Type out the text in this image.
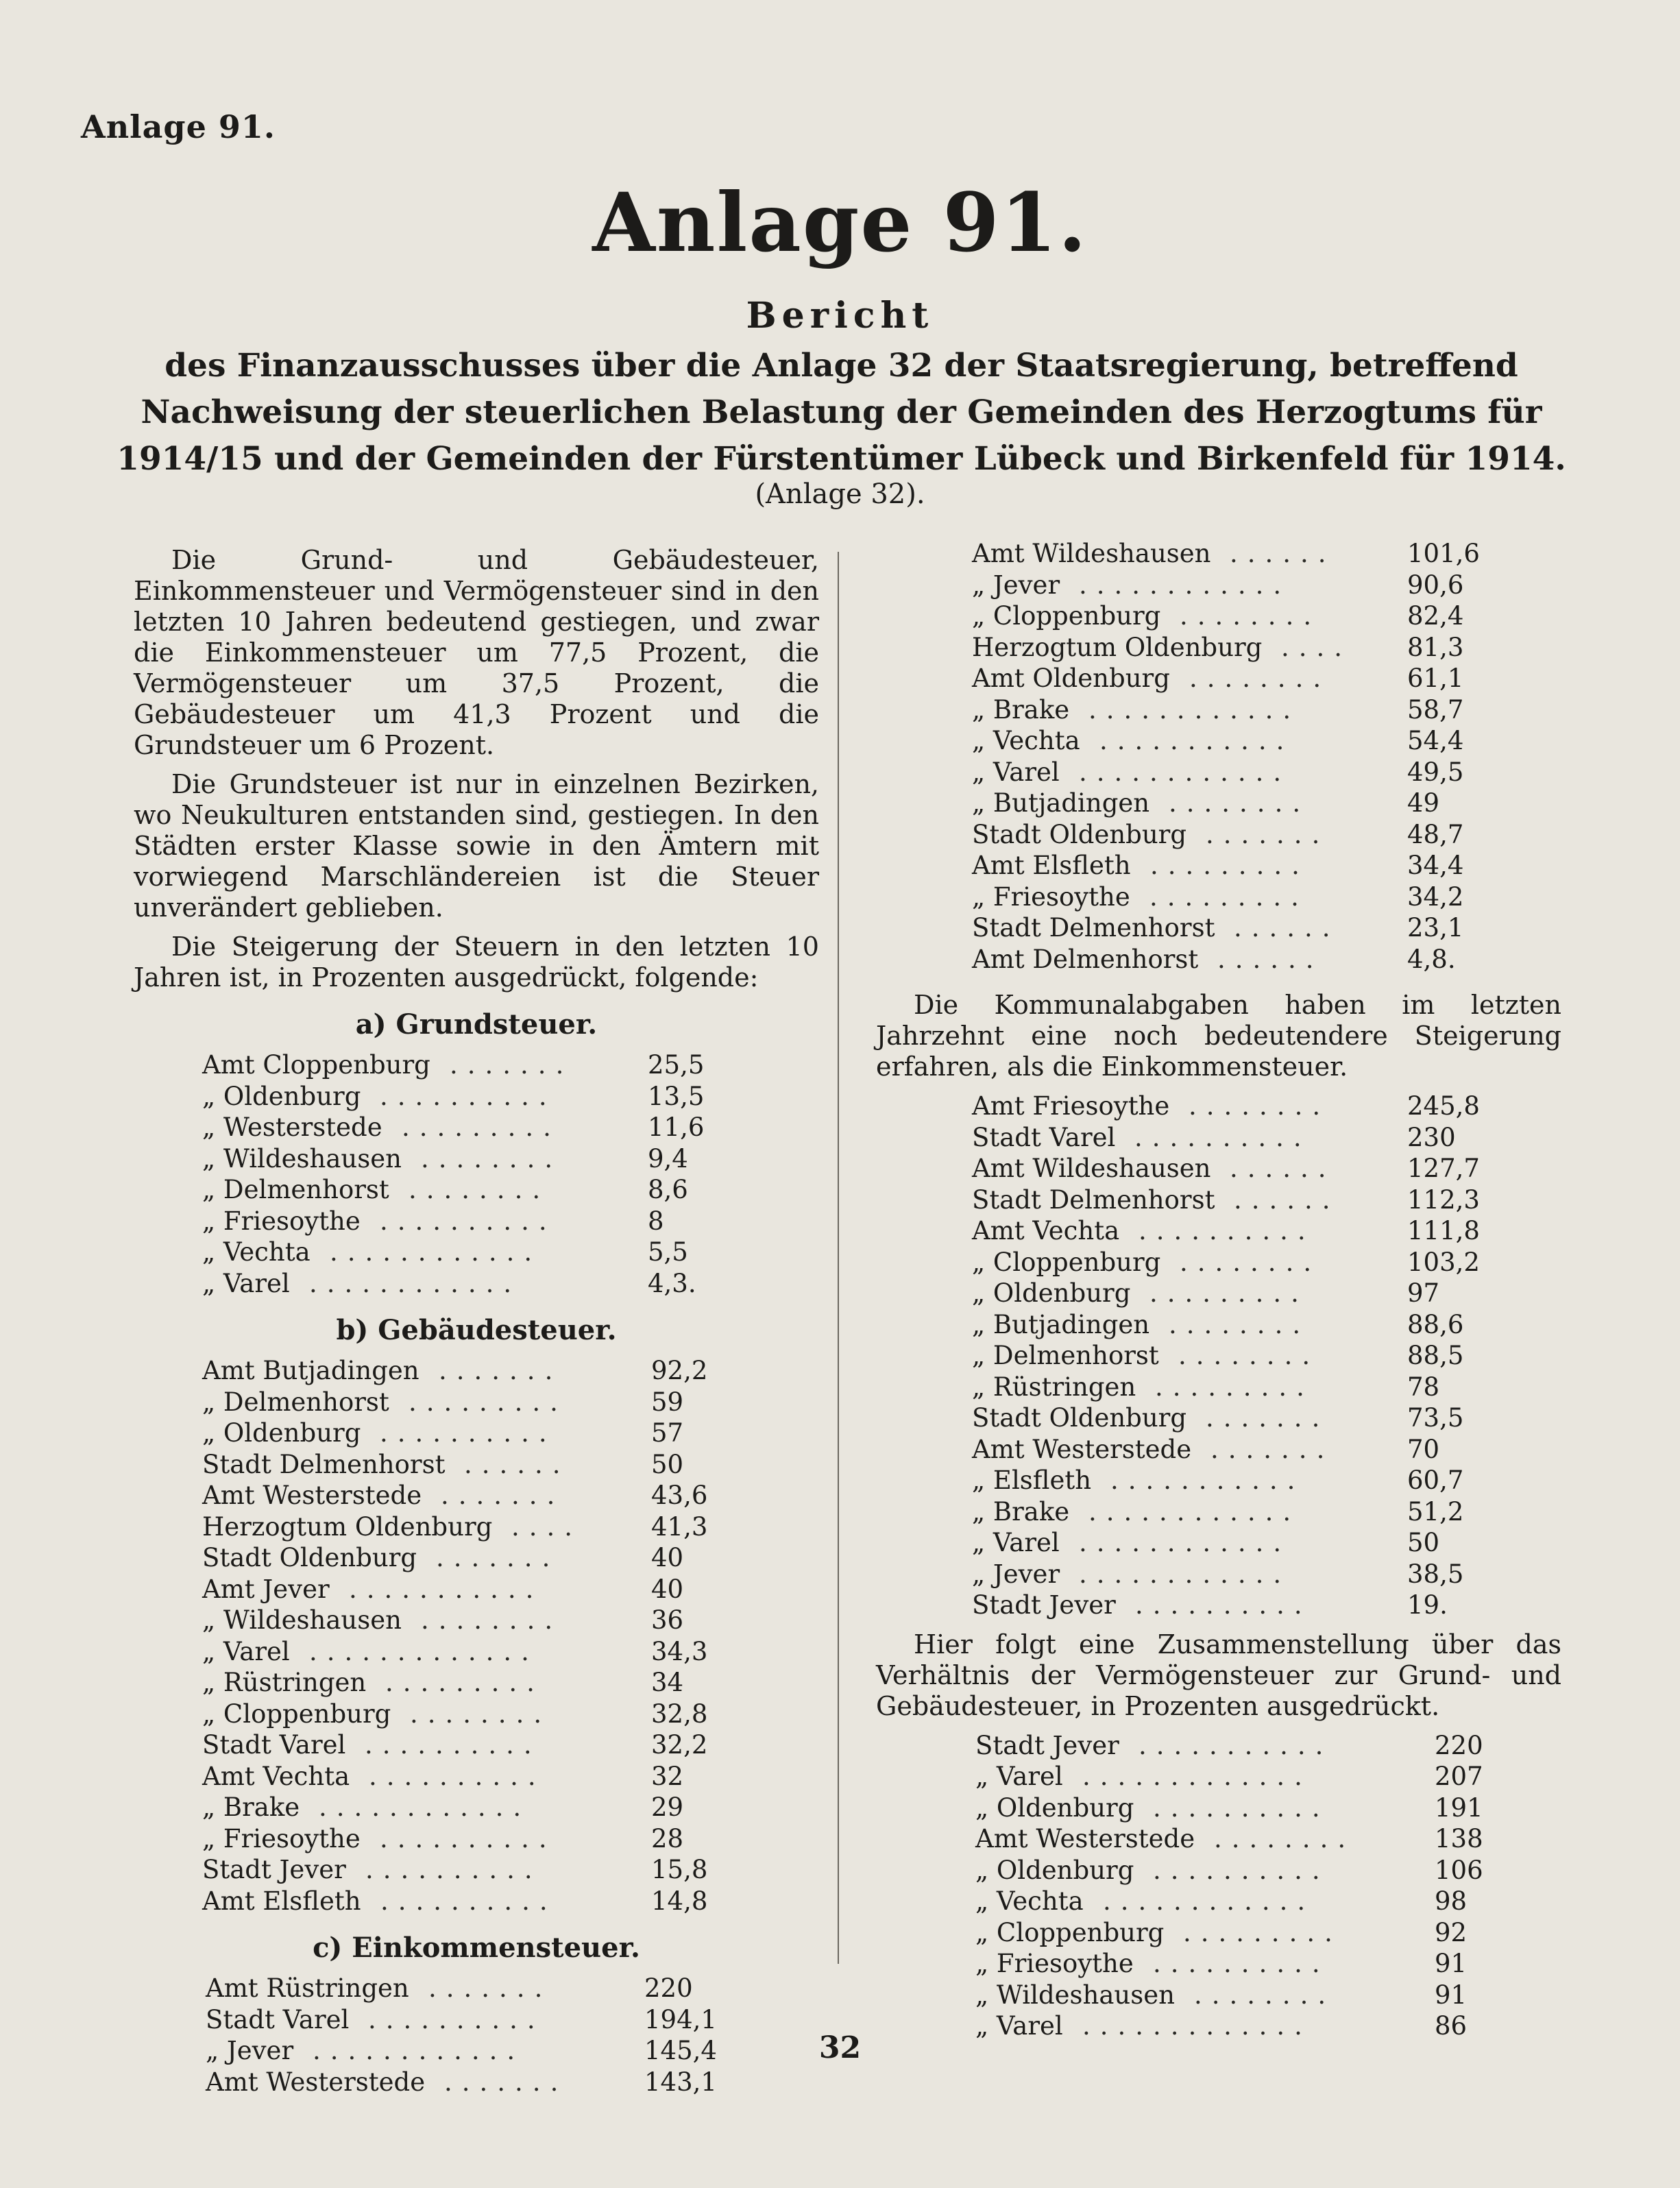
Anlage 91.
Anlage 91.
Bericht
des Finanzausschusses über die Anlage 32 der Staatsregierung, betreffend Nachweisung der steuerlichen Belastung der Gemeinden des Herzogtums für 1914/15 und der Gemeinden der Fürstentümer Lübeck und Birkenfeld für 1914.
(Anlage 32).

Die Grund- und Gebäudesteuer, Einkommensteuer und Vermögensteuer sind in den letzten 10 Jahren bedeutend gestiegen, und zwar die Einkommensteuer um 77,5 Prozent, die Vermögensteuer um 37,5 Prozent, die Gebäudesteuer um 41,3 Prozent und die Grundsteuer um 6 Prozent.

Die Grundsteuer ist nur in einzelnen Bezirken, wo Neukulturen entstanden sind, gestiegen. In den Städten erster Klasse sowie in den Ämtern mit vorwiegend Marschländereien ist die Steuer unverändert geblieben.

Die Steigerung der Steuern in den letzten 10 Jahren ist, in Prozenten ausgedrückt, folgende:

a) Grundsteuer.
Amt Cloppenburg	25,5
.......
„ Oldenburg	13,5
..........
„ Westerstede	11,6
.........
„ Wildeshausen	9,4
........
„ Delmenhorst	8,6
........
„ Friesoythe	8
..........
„ Vechta	5,5
............
„ Varel	4,3.
............
b) Gebäudesteuer.
Amt Butjadingen	92,2
.......
„ Delmenhorst	59
.........
„ Oldenburg	57
..........
Stadt Delmenhorst	50
......
Amt Westerstede	43,6
.......
Herzogtum Oldenburg	41,3
....
Stadt Oldenburg	40
.......
Amt Jever	40
...........
„ Wildeshausen	36
........
„ Varel	34,3
.............
„ Rüstringen	34
.........
„ Cloppenburg	32,8
........
Stadt Varel	32,2
..........
Amt Vechta	32
..........
„ Brake	29
............
„ Friesoythe	28
..........
Stadt Jever	15,8
..........
Amt Elsfleth	14,8
..........
c) Einkommensteuer.
Amt Rüstringen	220
.......
Stadt Varel	194,1
..........
„ Jever	145,4
............
Amt Westerstede	143,1
.......
Amt Wildeshausen	101,6
......
„ Jever	90,6
............
„ Cloppenburg	82,4
........
Herzogtum Oldenburg	81,3
....
Amt Oldenburg	61,1
........
„ Brake	58,7
............
„ Vechta	54,4
...........
„ Varel	49,5
............
„ Butjadingen	49
........
Stadt Oldenburg	48,7
.......
Amt Elsfleth	34,4
.........
„ Friesoythe	34,2
.........
Stadt Delmenhorst	23,1
......
Amt Delmenhorst	4,8.
......

Die Kommunalabgaben haben im letzten Jahrzehnt eine noch bedeutendere Steigerung erfahren, als die Einkommensteuer.

Amt Friesoythe	245,8
........
Stadt Varel	230
..........
Amt Wildeshausen	127,7
......
Stadt Delmenhorst	112,3
......
Amt Vechta	111,8
..........
„ Cloppenburg	103,2
........
„ Oldenburg	97
.........
„ Butjadingen	88,6
........
„ Delmenhorst	88,5
........
„ Rüstringen	78
.........
Stadt Oldenburg	73,5
.......
Amt Westerstede	70
.......
„ Elsfleth	60,7
...........
„ Brake	51,2
............
„ Varel	50
............
„ Jever	38,5
............
Stadt Jever	19.
..........

Hier folgt eine Zusammenstellung über das Verhältnis der Vermögensteuer zur Grund- und Gebäudesteuer, in Prozenten ausgedrückt.

Stadt Jever	220
...........
„ Varel	207
.............
„ Oldenburg	191
..........
Amt Westerstede	138
........
„ Oldenburg	106
..........
„ Vechta	98
............
„ Cloppenburg	92
.........
„ Friesoythe	91
..........
„ Wildeshausen	91
........
„ Varel	86
.............
32
